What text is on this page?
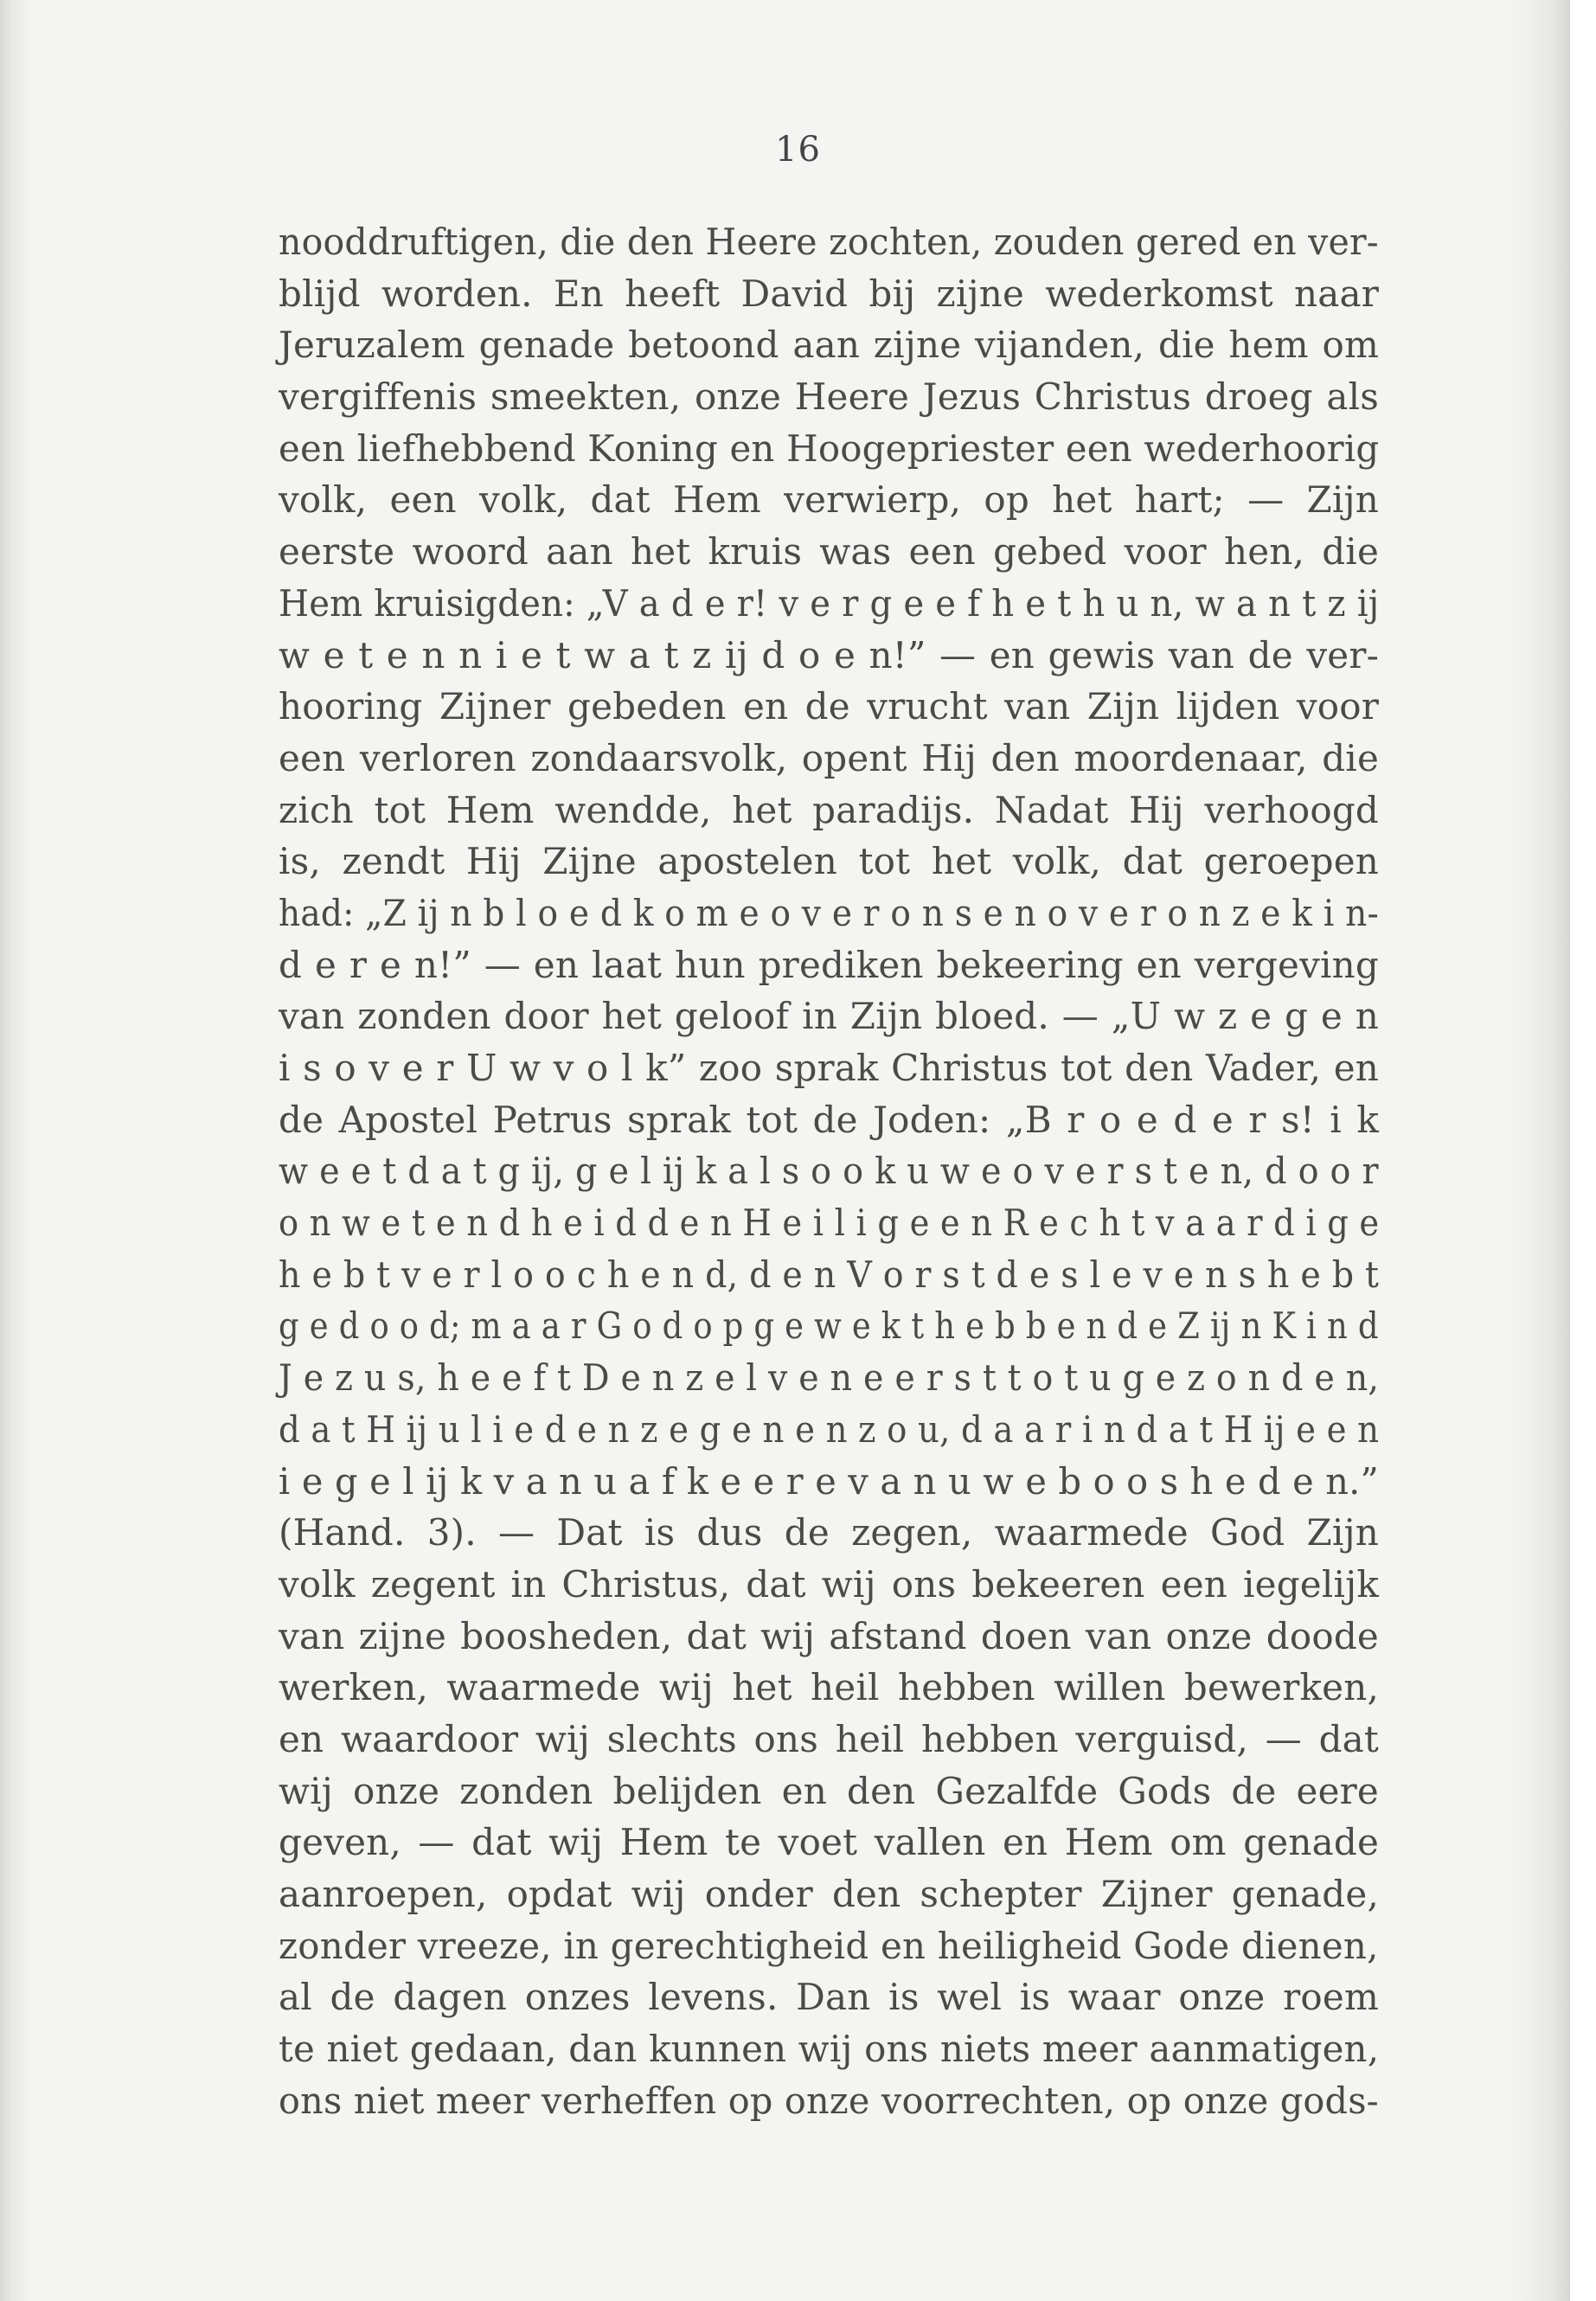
16
nooddruftigen, die den Heere zochten, zouden gered en ver-
blijd worden. En heeft David bij zijne wederkomst naar
Jeruzalem genade betoond aan zijne vijanden, die hem om
vergiffenis smeekten, onze Heere Jezus Christus droeg als
een liefhebbend Koning en Hoogepriester een wederhoorig
volk, een volk, dat Hem verwierp, op het hart; — Zijn
eerste woord aan het kruis was een gebed voor hen, die
Hem kruisigden: „V a d e r! v e r g e e f h e t h u n, w a n t z ij
w e t e n n i e t w a t z ij d o e n!” — en gewis van de ver-
hooring Zijner gebeden en de vrucht van Zijn lijden voor
een verloren zondaarsvolk, opent Hij den moordenaar, die
zich tot Hem wendde, het paradijs. Nadat Hij verhoogd
is, zendt Hij Zijne apostelen tot het volk, dat geroepen
had: „Z ij n b l o e d k o m e o v e r o n s e n o v e r o n z e k i n-
d e r e n!” — en laat hun prediken bekeering en vergeving
van zonden door het geloof in Zijn bloed. — „U w z e g e n
i s o v e r U w v o l k” zoo sprak Christus tot den Vader, en
de Apostel Petrus sprak tot de Joden: „B r o e d e r s! i k
w e e t d a t g ij, g e l ij k a l s o o k u w e o v e r s t e n, d o o r o n w e t e n d h e i d d e n H e i l i g e e n R e c h t v a a r d i g e h e b t v e r l o o c h e n d, d e n V o r s t d e s l e v e n s h e b t g e d o o d; m a a r G o d o p g e w e k t h e b b e n d e Z ij n K i n d J e z u s, h e e f t D e n z e l v e n e e r s t t o t u g e z o n d e n, d a t H ij u l i e d e n z e g e n e n z o u, d a a r i n d a t H ij e e n i e g e l ij k v a n u a f k e e r e v a n u w e b o o s h e d e n.”
(Hand. 3). — Dat is dus de zegen, waarmede God Zijn
volk zegent in Christus, dat wij ons bekeeren een iegelijk
van zijne boosheden, dat wij afstand doen van onze doode
werken, waarmede wij het heil hebben willen bewerken,
en waardoor wij slechts ons heil hebben verguisd, — dat
wij onze zonden belijden en den Gezalfde Gods de eere
geven, — dat wij Hem te voet vallen en Hem om genade
aanroepen, opdat wij onder den schepter Zijner genade,
zonder vreeze, in gerechtigheid en heiligheid Gode dienen,
al de dagen onzes levens. Dan is wel is waar onze roem
te niet gedaan, dan kunnen wij ons niets meer aanmatigen, ons niet meer verheffen op onze voorrechten, op onze gods-
